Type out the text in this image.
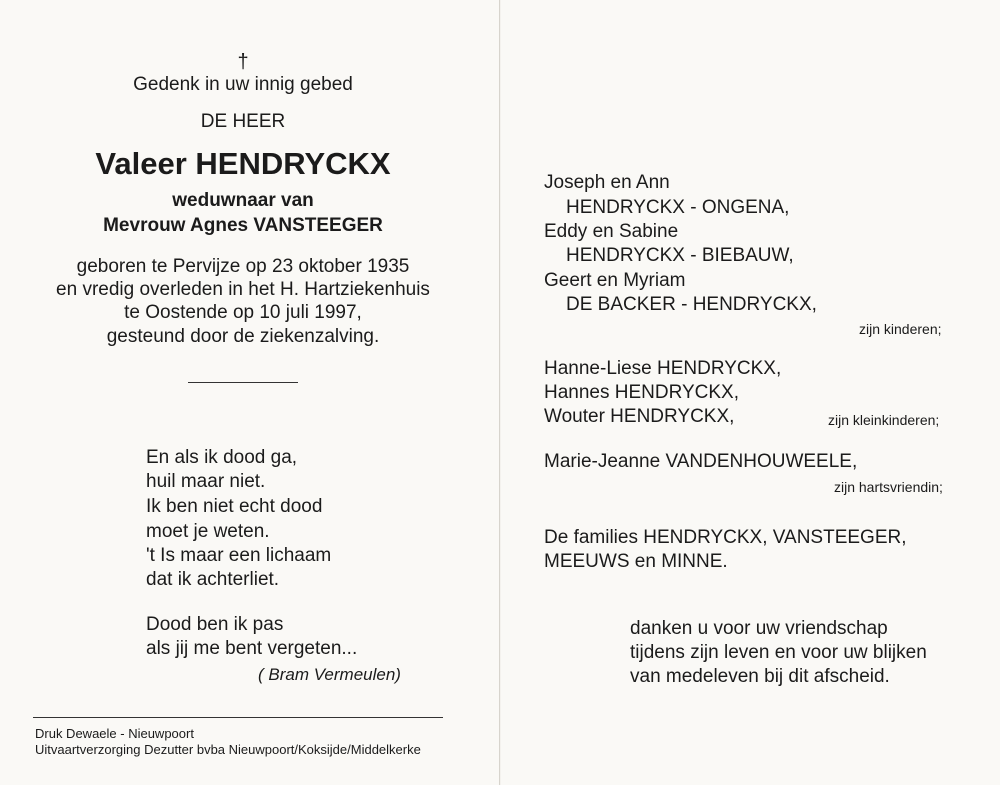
†
Gedenk in uw innig gebed
DE HEER
Valeer HENDRYCKX
weduwnaar van
Mevrouw Agnes VANSTEEGER
geboren te Pervijze op 23 oktober 1935
en vredig overleden in het H. Hartziekenhuis
te Oostende op 10 juli 1997,
gesteund door de ziekenzalving.
En als ik dood ga,
huil maar niet.
Ik ben niet echt dood
moet je weten.
't Is maar een lichaam
dat ik achterliet.
Dood ben ik pas
als jij me bent vergeten...
( Bram Vermeulen)
Druk Dewaele - Nieuwpoort
Uitvaartverzorging Dezutter bvba Nieuwpoort/Koksijde/Middelkerke
Joseph en Ann
HENDRYCKX - ONGENA,
Eddy en Sabine
HENDRYCKX - BIEBAUW,
Geert en Myriam
DE BACKER - HENDRYCKX,
zijn kinderen;
Hanne-Liese HENDRYCKX,
Hannes HENDRYCKX,
Wouter HENDRYCKX,	zijn kleinkinderen;
Marie-Jeanne VANDENHOUWEELE,
zijn hartsvriendin;
De families HENDRYCKX, VANSTEEGER,
MEEUWS en MINNE.
danken u voor uw vriendschap
tijdens zijn leven en voor uw blijken
van medeleven bij dit afscheid.
